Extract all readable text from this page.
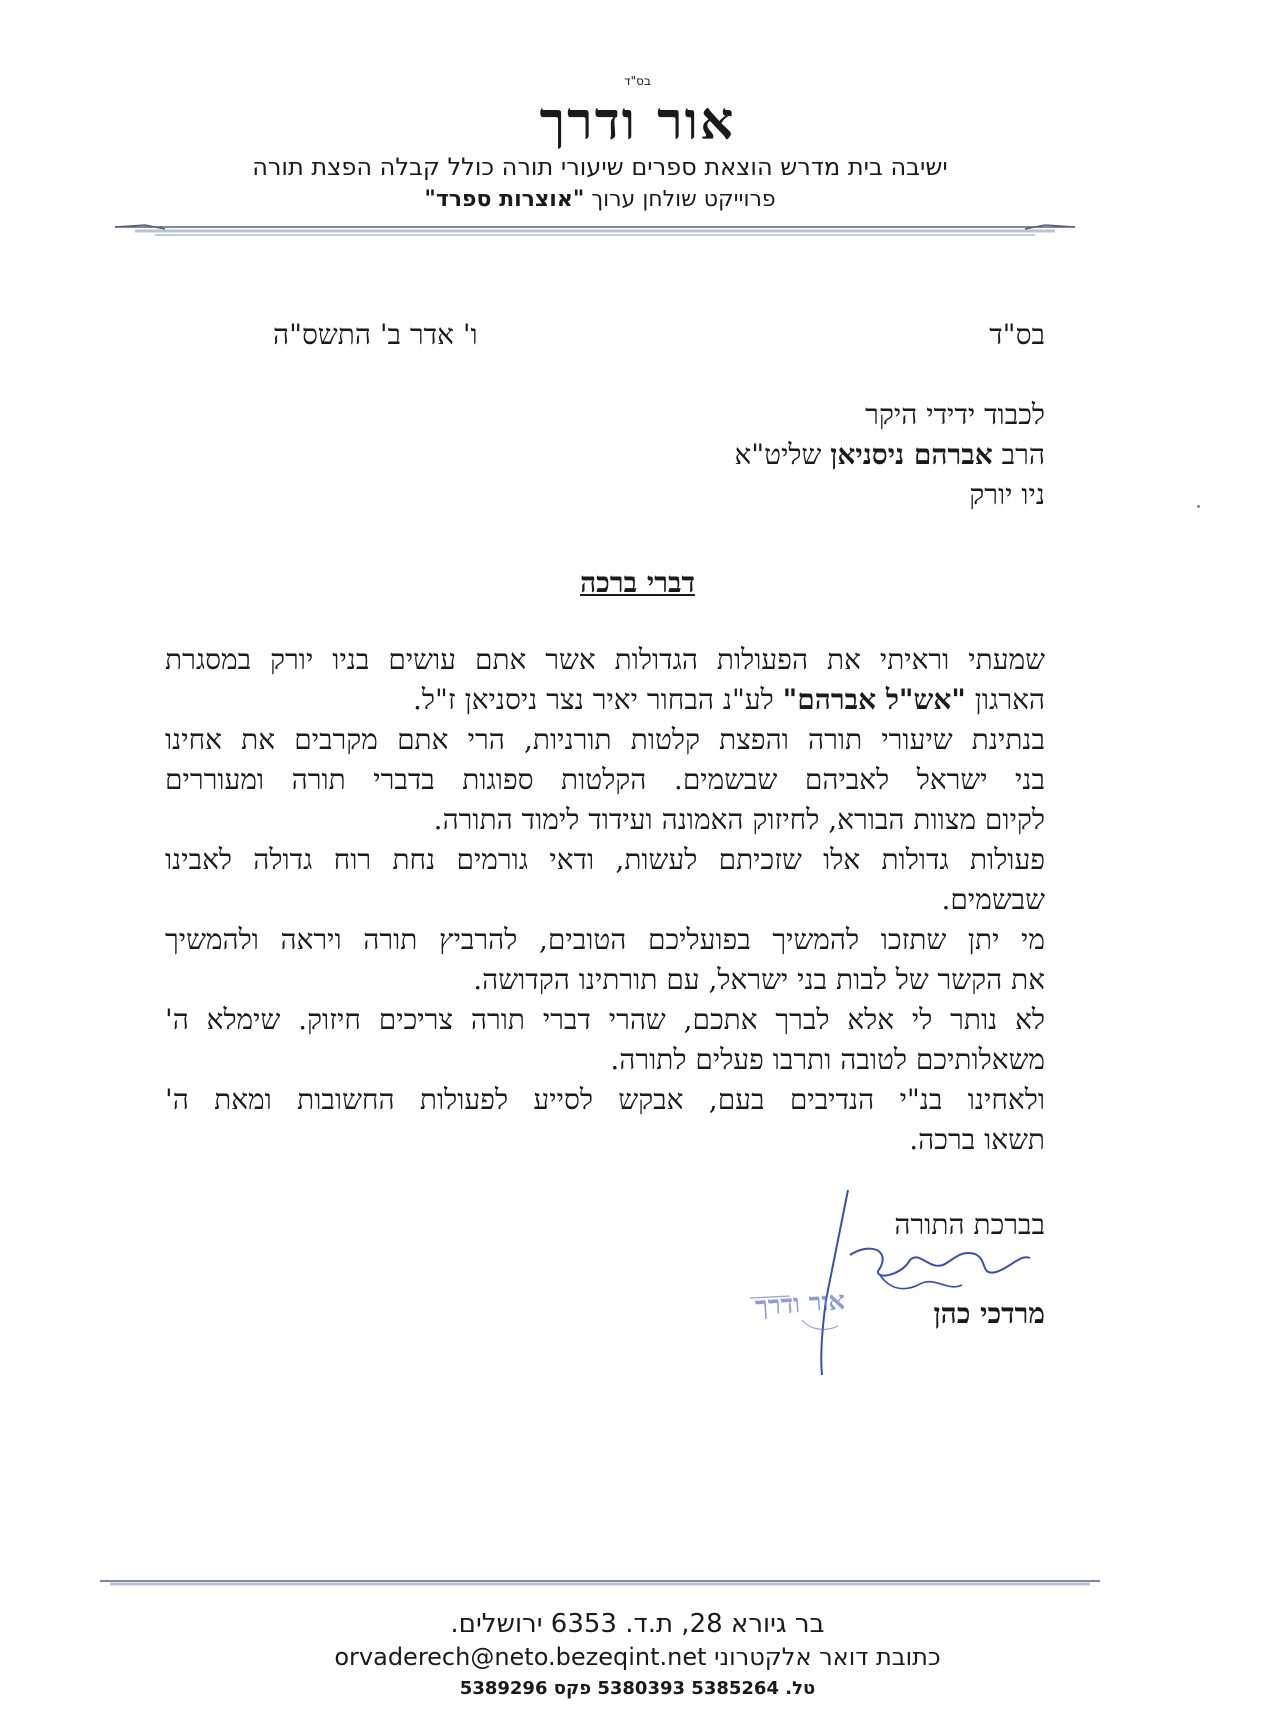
בס"ד
אור ודרך
ישיבה בית מדרש הוצאת ספרים שיעורי תורה כולל קבלה הפצת תורה
פרוייקט שולחן ערוך "אוצרות ספרד"
בס"ד
ו' אדר ב' התשס"ה
לכבוד ידידי היקר
הרב אברהם ניסניאן שליט"א
ניו יורק
דברי ברכה

שמעתי וראיתי את הפעולות הגדולות אשר אתם עושים בניו יורק במסגרת

הארגון "אש"ל אברהם" לע"נ הבחור יאיר נצר ניסניאן ז"ל.

בנתינת שיעורי תורה והפצת קלטות תורניות, הרי אתם מקרבים את אחינו

בני ישראל לאביהם שבשמים. הקלטות ספוגות בדברי תורה ומעוררים

לקיום מצוות הבורא, לחיזוק האמונה ועידוד לימוד התורה.

פעולות גדולות אלו שזכיתם לעשות, ודאי גורמים נחת רוח גדולה לאבינו

שבשמים.

מי יתן שתזכו להמשיך בפועליכם הטובים, להרביץ תורה ויראה ולהמשיך

את הקשר של לבות בני ישראל, עם תורתינו הקדושה.

לא נותר לי אלא לברך אתכם, שהרי דברי תורה צריכים חיזוק. שימלא ה'

משאלותיכם לטובה ותרבו פעלים לתורה.

ולאחינו בנ"י הנדיבים בעם, אבקש לסייע לפעולות החשובות ומאת ה'

תשאו ברכה.

בברכת התורה
מרדכי כהן
אור ודרך
בר גיורא 28, ת.ד. 6353 ירושלים.
כתובת דואר אלקטרוני orvaderech@neto.bezeqint.net
טל. 5385264 5380393 פקס 5389296
